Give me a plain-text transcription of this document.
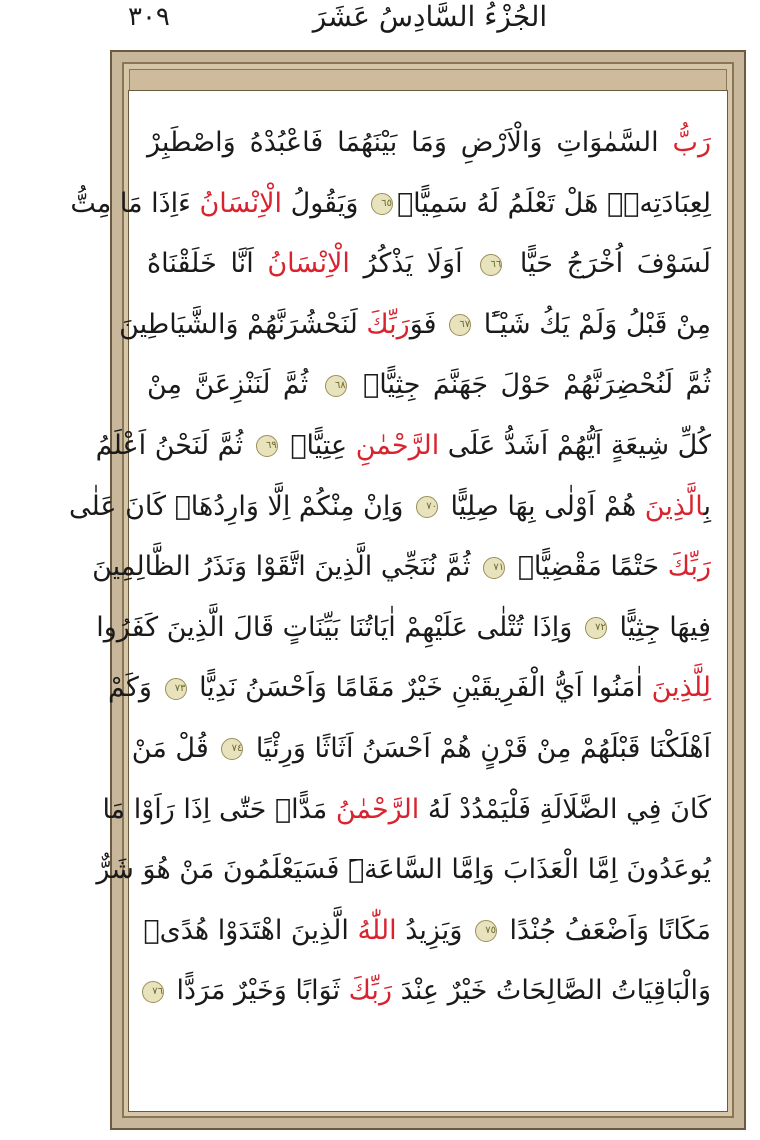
٣٠٩	الجُزْءُ السَّادِسُ عَشَرَ
رَبُّ السَّمٰوَاتِ وَالْاَرْضِ وَمَا بَيْنَهُمَا فَاعْبُدْهُ وَاصْطَبِرْ
لِعِبَادَتِه۪ۜ هَلْ تَعْلَمُ لَهُ سَمِيًّا۟٦٥ وَيَقُولُ الْاِنْسَانُ ءَاِذَا مَا مِتُّ
لَسَوْفَ اُخْرَجُ حَيًّا ٦٦ اَوَلَا يَذْكُرُ الْاِنْسَانُ اَنَّا خَلَقْنَاهُ
مِنْ قَبْلُ وَلَمْ يَكُ شَيْـًٔا ٦٧ فَوَرَبِّكَ لَنَحْشُرَنَّهُمْ وَالشَّيَاطِينَ
ثُمَّ لَنُحْضِرَنَّهُمْ حَوْلَ جَهَنَّمَ جِثِيًّاۚ ٦٨ ثُمَّ لَنَنْزِعَنَّ مِنْ
كُلِّ شِيعَةٍ اَيُّهُمْ اَشَدُّ عَلَى الرَّحْمٰنِ عِتِيًّاۚ ٦٩ ثُمَّ لَنَحْنُ اَعْلَمُ
بِالَّذِينَ هُمْ اَوْلٰى بِهَا صِلِيًّا ٧٠ وَاِنْ مِنْكُمْ اِلَّا وَارِدُهَاۚ كَانَ عَلٰى
رَبِّكَ حَتْمًا مَقْضِيًّاۚ ٧١ ثُمَّ نُنَجِّي الَّذِينَ اتَّقَوْا وَنَذَرُ الظَّالِمِينَ
فِيهَا جِثِيًّا ٧٢ وَاِذَا تُتْلٰى عَلَيْهِمْ اٰيَاتُنَا بَيِّنَاتٍ قَالَ الَّذِينَ كَفَرُوا
لِلَّذِينَ اٰمَنُوا اَيُّ الْفَرِيقَيْنِ خَيْرٌ مَقَامًا وَاَحْسَنُ نَدِيًّا ٧٣ وَكَمْ
اَهْلَكْنَا قَبْلَهُمْ مِنْ قَرْنٍ هُمْ اَحْسَنُ اَثَاثًا وَرِئْيًا ٧٤ قُلْ مَنْ
كَانَ فِي الضَّلَالَةِ فَلْيَمْدُدْ لَهُ الرَّحْمٰنُ مَدًّاۚ حَتّٰى اِذَا رَاَوْا مَا
يُوعَدُونَ اِمَّا الْعَذَابَ وَاِمَّا السَّاعَةَۜ فَسَيَعْلَمُونَ مَنْ هُوَ شَرٌّ
مَكَانًا وَاَضْعَفُ جُنْدًا ٧٥ وَيَزِيدُ اللّٰهُ الَّذِينَ اهْتَدَوْا هُدًىۜ
وَالْبَاقِيَاتُ الصَّالِحَاتُ خَيْرٌ عِنْدَ رَبِّكَ ثَوَابًا وَخَيْرٌ مَرَدًّا ٧٦
